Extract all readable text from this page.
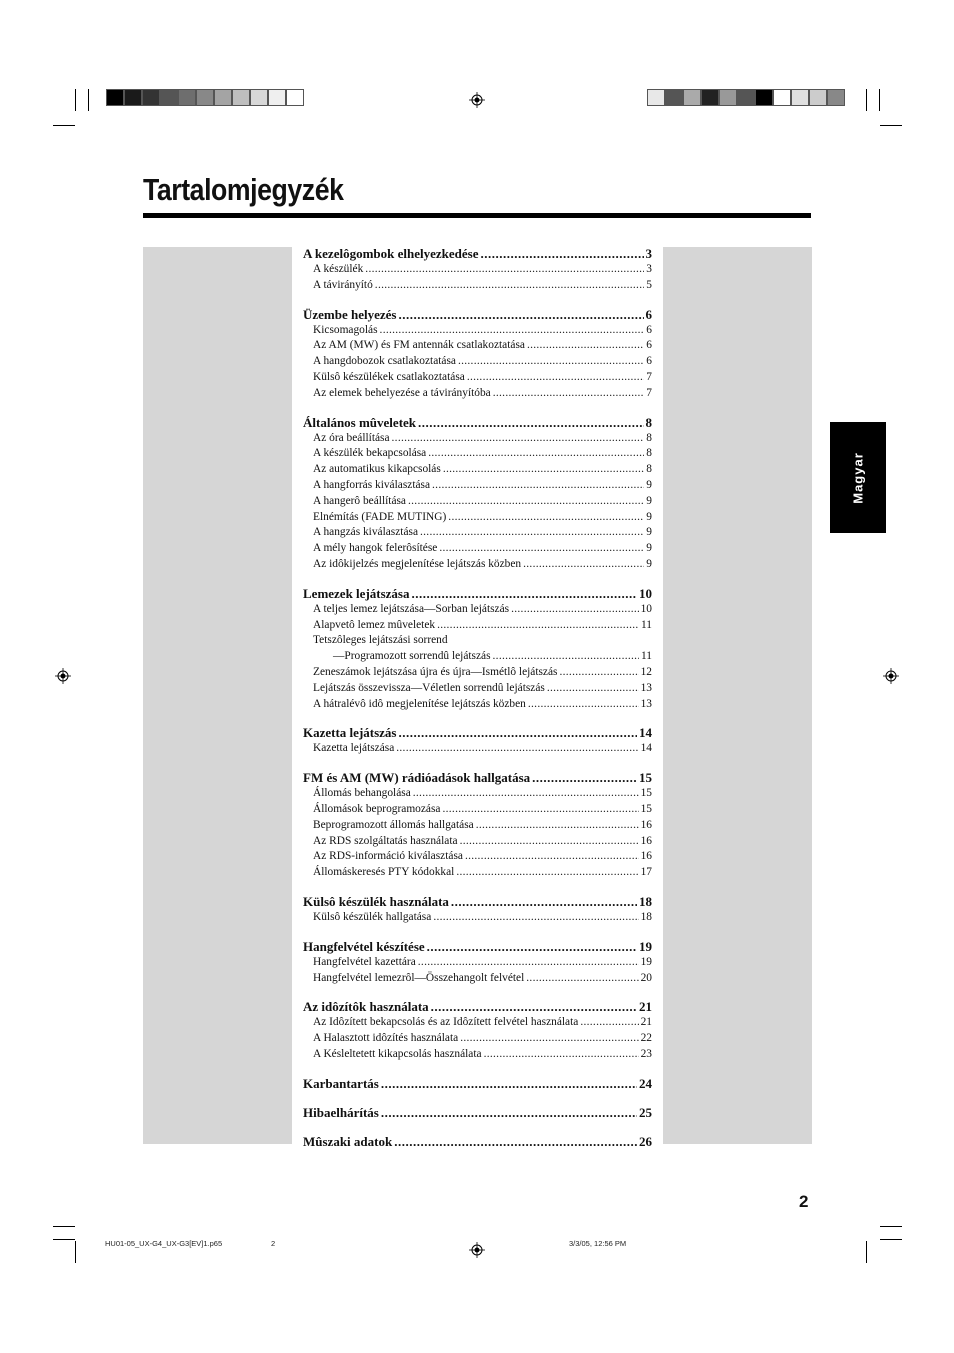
Tartalomjegyzék
Magyar
A kezelôgombok elhelyezkedése .....	3
A készülék .....	3
A távirányító .....	5
Üzembe helyezés .....	6
Kicsomagolás .....	6
Az AM (MW) és FM antennák csatlakoztatása .....	6
A hangdobozok csatlakoztatása .....	6
Külsô készülékek csatlakoztatása .....	7
Az elemek behelyezése a távirányítóba .....	7
Általános mûveletek .....	8
Az óra beállítása .....	8
A készülék bekapcsolása .....	8
Az automatikus kikapcsolás .....	8
A hangforrás kiválasztása .....	9
A hangerô beállítása .....	9
Elnémítás (FADE MUTING) .....	9
A hangzás kiválasztása .....	9
A mély hangok felerôsítése .....	9
Az idôkijelzés megjelenítése lejátszás közben .....	9
Lemezek lejátszása .....	10
A teljes lemez lejátszása—Sorban lejátszás .....	10
Alapvetô lemez mûveletek .....	11
Tetszôleges lejátszási sorrend
—Programozott sorrendû lejátszás .....	11
Zeneszámok lejátszása újra és újra—Ismétlô lejátszás .....	12
Lejátszás összevissza—Véletlen sorrendû lejátszás .....	13
A hátralévô idô megjelenítése lejátszás közben .....	13
Kazetta lejátszás .....	14
Kazetta lejátszása .....	14
FM és AM (MW) rádióadások hallgatása .....	15
Állomás behangolása .....	15
Állomások beprogramozása .....	15
Beprogramozott állomás hallgatása .....	16
Az RDS szolgáltatás használata .....	16
Az RDS-információ kiválasztása .....	16
Állomáskeresés PTY kódokkal .....	17
Külsô készülék használata .....	18
Külsô készülék hallgatása .....	18
Hangfelvétel készítése .....	19
Hangfelvétel kazettára .....	19
Hangfelvétel lemezrôl—Összehangolt felvétel .....	20
Az idôzítôk használata .....	21
Az Idôzített bekapcsolás és az Idôzített felvétel használata .....	21
A Halasztott idôzítés használata .....	22
A Késleltetett kikapcsolás használata .....	23
Karbantartás .....	24
Hibaelhárítás .....	25
Mûszaki adatok .....	26
2
HU01-05_UX-G4_UX-G3[EV]1.p65	2	3/3/05, 12:56 PM
